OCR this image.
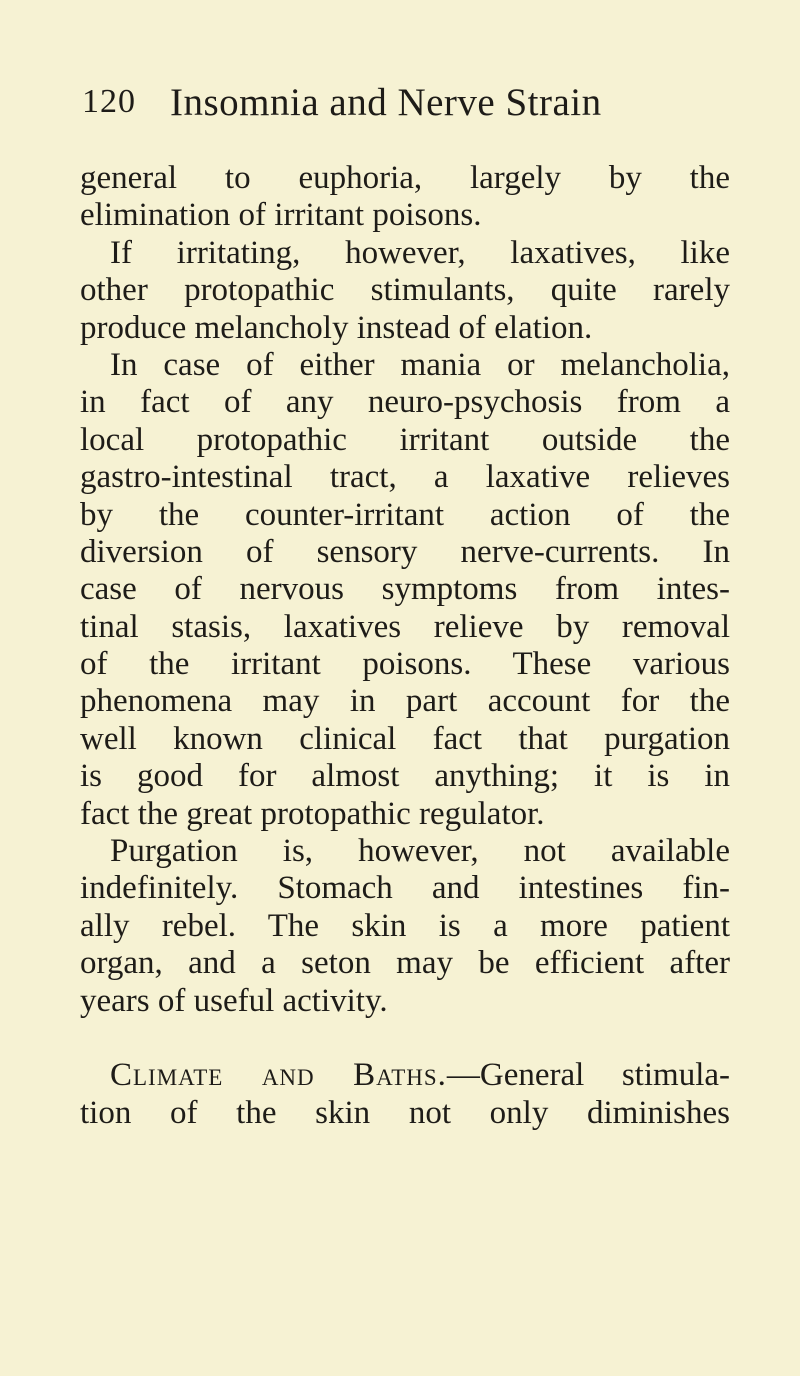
120 Insomnia and Nerve Strain
general to euphoria, largely by the
elimination of irritant poisons.
If irritating, however, laxatives, like
other protopathic stimulants, quite rarely
produce melancholy instead of elation.
In case of either mania or melancholia,
in fact of any neuro-psychosis from a
local protopathic irritant outside the
gastro-intestinal tract, a laxative relieves
by the counter-irritant action of the
diversion of sensory nerve-currents. In
case of nervous symptoms from intes-
tinal stasis, laxatives relieve by removal
of the irritant poisons. These various
phenomena may in part account for the
well known clinical fact that purgation
is good for almost anything; it is in
fact the great protopathic regulator.
Purgation is, however, not available
indefinitely. Stomach and intestines fin-
ally rebel. The skin is a more patient
organ, and a seton may be efficient after
years of useful activity.
Climate and Baths.—General stimula-
tion of the skin not only diminishes
